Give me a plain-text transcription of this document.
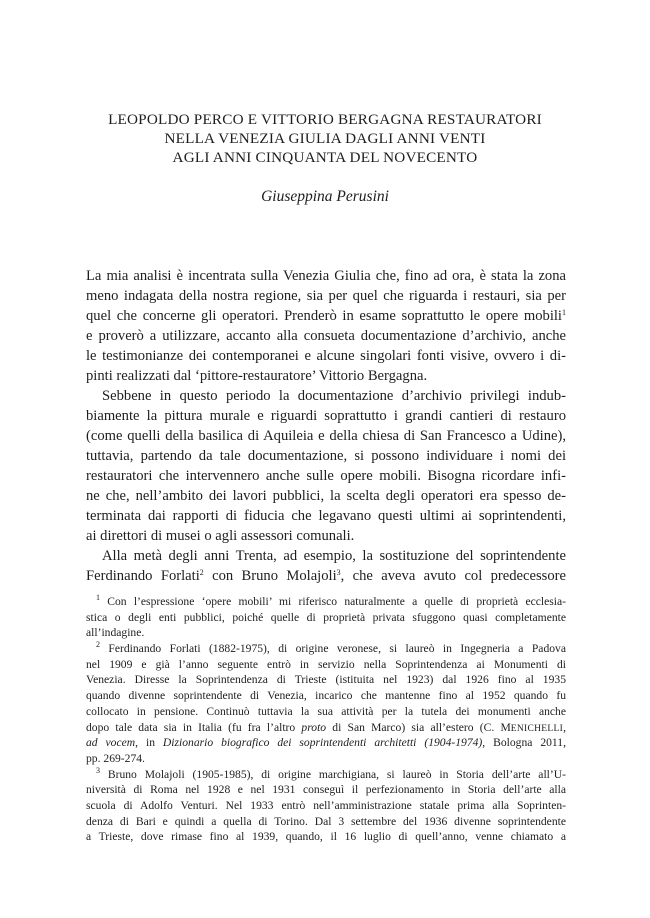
LEOPOLDO PERCO E VITTORIO BERGAGNA RESTAURATORI
NELLA VENEZIA GIULIA DAGLI ANNI VENTI
AGLI ANNI CINQUANTA DEL NOVECENTO
Giuseppina Perusini
La mia analisi è incentrata sulla Venezia Giulia che, fino ad ora, è stata la zona
meno indagata della nostra regione, sia per quel che riguarda i restauri, sia per
quel che concerne gli operatori. Prenderò in esame soprattutto le opere mobili$^1$
e proverò a utilizzare, accanto alla consueta documentazione d’archivio, anche
le testimonianze dei contemporanei e alcune singolari fonti visive, ovvero i di-
pinti realizzati dal ‘pittore-restauratore’ Vittorio Bergagna.
Sebbene in questo periodo la documentazione d’archivio privilegi indub-
biamente la pittura murale e riguardi soprattutto i grandi cantieri di restauro
(come quelli della basilica di Aquileia e della chiesa di San Francesco a Udine),
tuttavia, partendo da tale documentazione, si possono individuare i nomi dei
restauratori che intervennero anche sulle opere mobili. Bisogna ricordare infi-
ne che, nell’ambito dei lavori pubblici, la scelta degli operatori era spesso de-
terminata dai rapporti di fiducia che legavano questi ultimi ai soprintendenti,
ai direttori di musei o agli assessori comunali.
Alla metà degli anni Trenta, ad esempio, la sostituzione del soprintendente
Ferdinando Forlati$^2$ con Bruno Molajoli$^3$, che aveva avuto col predecessore
$^1$ Con l’espressione ‘opere mobili’ mi riferisco naturalmente a quelle di proprietà ecclesia-
stica o degli enti pubblici, poiché quelle di proprietà privata sfuggono quasi completamente
all’indagine.
$^2$ Ferdinando Forlati (1882-1975), di origine veronese, si laureò in Ingegneria a Padova
nel 1909 e già l’anno seguente entrò in servizio nella Soprintendenza ai Monumenti di
Venezia. Diresse la Soprintendenza di Trieste (istituita nel 1923) dal 1926 fino al 1935
quando divenne soprintendente di Venezia, incarico che mantenne fino al 1952 quando fu
collocato in pensione. Continuò tuttavia la sua attività per la tutela dei monumenti anche
dopo tale data sia in Italia (fu fra l’altro proto di San Marco) sia all’estero (C. MENICHELLI,
ad vocem, in Dizionario biografico dei soprintendenti architetti (1904-1974), Bologna 2011,
pp. 269-274.
$^3$ Bruno Molajoli (1905-1985), di origine marchigiana, si laureò in Storia dell’arte all’U-
niversità di Roma nel 1928 e nel 1931 conseguì il perfezionamento in Storia dell’arte alla
scuola di Adolfo Venturi. Nel 1933 entrò nell’amministrazione statale prima alla Soprinten-
denza di Bari e quindi a quella di Torino. Dal 3 settembre del 1936 divenne soprintendente
a Trieste, dove rimase fino al 1939, quando, il 16 luglio di quell’anno, venne chiamato a
